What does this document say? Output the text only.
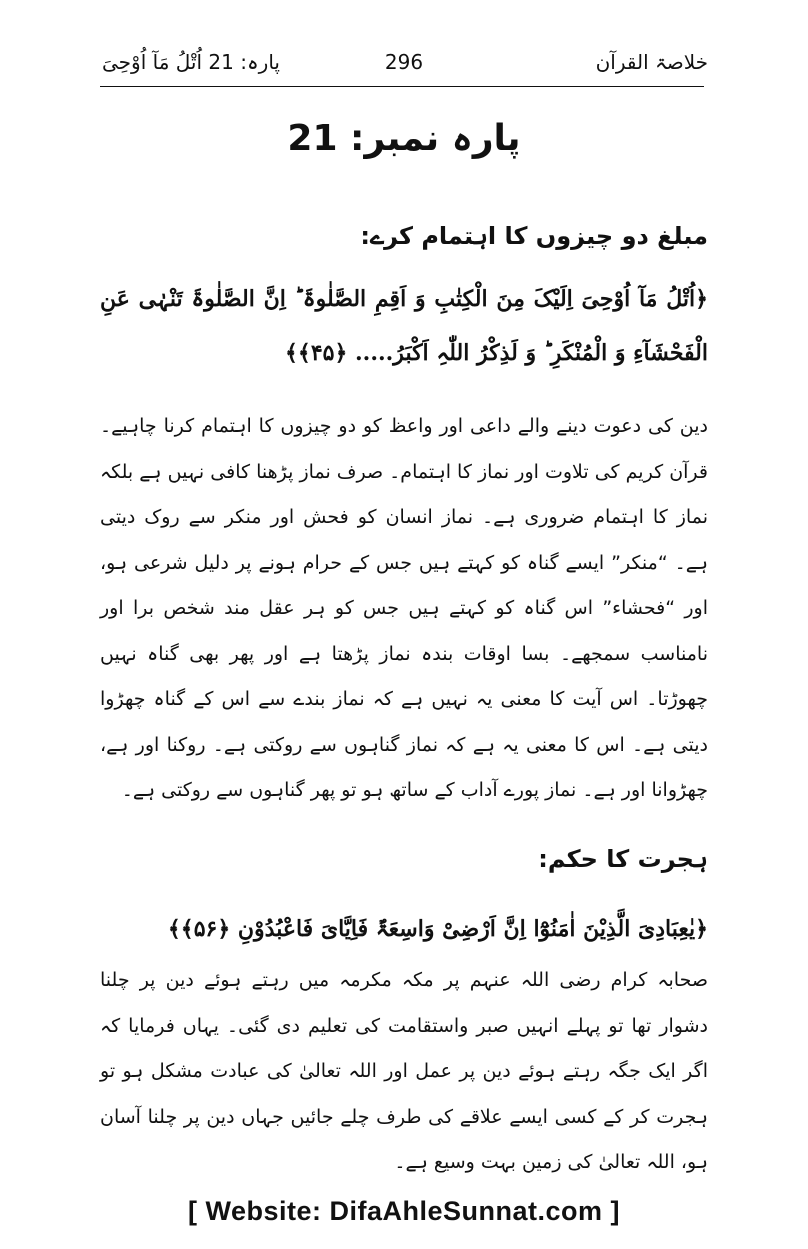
خلاصۃ القرآن
296
پارہ: 21 اُتْلُ مَآ اُوْحِیَ
پارہ نمبر: 21
مبلغ دو چیزوں کا اہتمام کرے:
﴿اُتْلُ مَآ اُوْحِیَ اِلَیْکَ مِنَ الْکِتٰبِ وَ اَقِمِ الصَّلٰوۃَ ؕ اِنَّ الصَّلٰوۃَ تَنْہٰی عَنِ الْفَحْشَآءِ وَ الْمُنْکَرِ ؕ وَ لَذِکْرُ اللّٰہِ اَکْبَرُ..... ﴿۴۵﴾﴾
دین کی دعوت دینے والے داعی اور واعظ کو دو چیزوں کا اہتمام کرنا چاہیے۔ قرآن کریم کی تلاوت اور نماز کا اہتمام۔ صرف نماز پڑھنا کافی نہیں ہے بلکہ نماز کا اہتمام ضروری ہے۔ نماز انسان کو فحش اور منکر سے روک دیتی ہے۔ “منکر” ایسے گناہ کو کہتے ہیں جس کے حرام ہونے پر دلیل شرعی ہو، اور “فحشاء” اس گناہ کو کہتے ہیں جس کو ہر عقل مند شخص برا اور نامناسب سمجھے۔ بسا اوقات بندہ نماز پڑھتا ہے اور پھر بھی گناہ نہیں چھوڑتا۔ اس آیت کا معنی یہ نہیں ہے کہ نماز بندے سے اس کے گناہ چھڑوا دیتی ہے۔ اس کا معنی یہ ہے کہ نماز گناہوں سے روکتی ہے۔ روکنا اور ہے، چھڑوانا اور ہے۔ نماز پورے آداب کے ساتھ ہو تو پھر گناہوں سے روکتی ہے۔
ہجرت کا حکم:
﴿یٰعِبَادِیَ الَّذِیْنَ اٰمَنُوْٓا اِنَّ اَرْضِیْ وَاسِعَۃٌ فَاِیَّایَ فَاعْبُدُوْنِ ﴿۵۶﴾﴾
صحابہ کرام رضی اللہ عنہم پر مکہ مکرمہ میں رہتے ہوئے دین پر چلنا دشوار تھا تو پہلے انہیں صبر واستقامت کی تعلیم دی گئی۔ یہاں فرمایا کہ اگر ایک جگہ رہتے ہوئے دین پر عمل اور اللہ تعالیٰ کی عبادت مشکل ہو تو ہجرت کر کے کسی ایسے علاقے کی طرف چلے جائیں جہاں دین پر چلنا آسان ہو، اللہ تعالیٰ کی زمین بہت وسیع ہے۔
[ Website: DifaAhleSunnat.com ]
